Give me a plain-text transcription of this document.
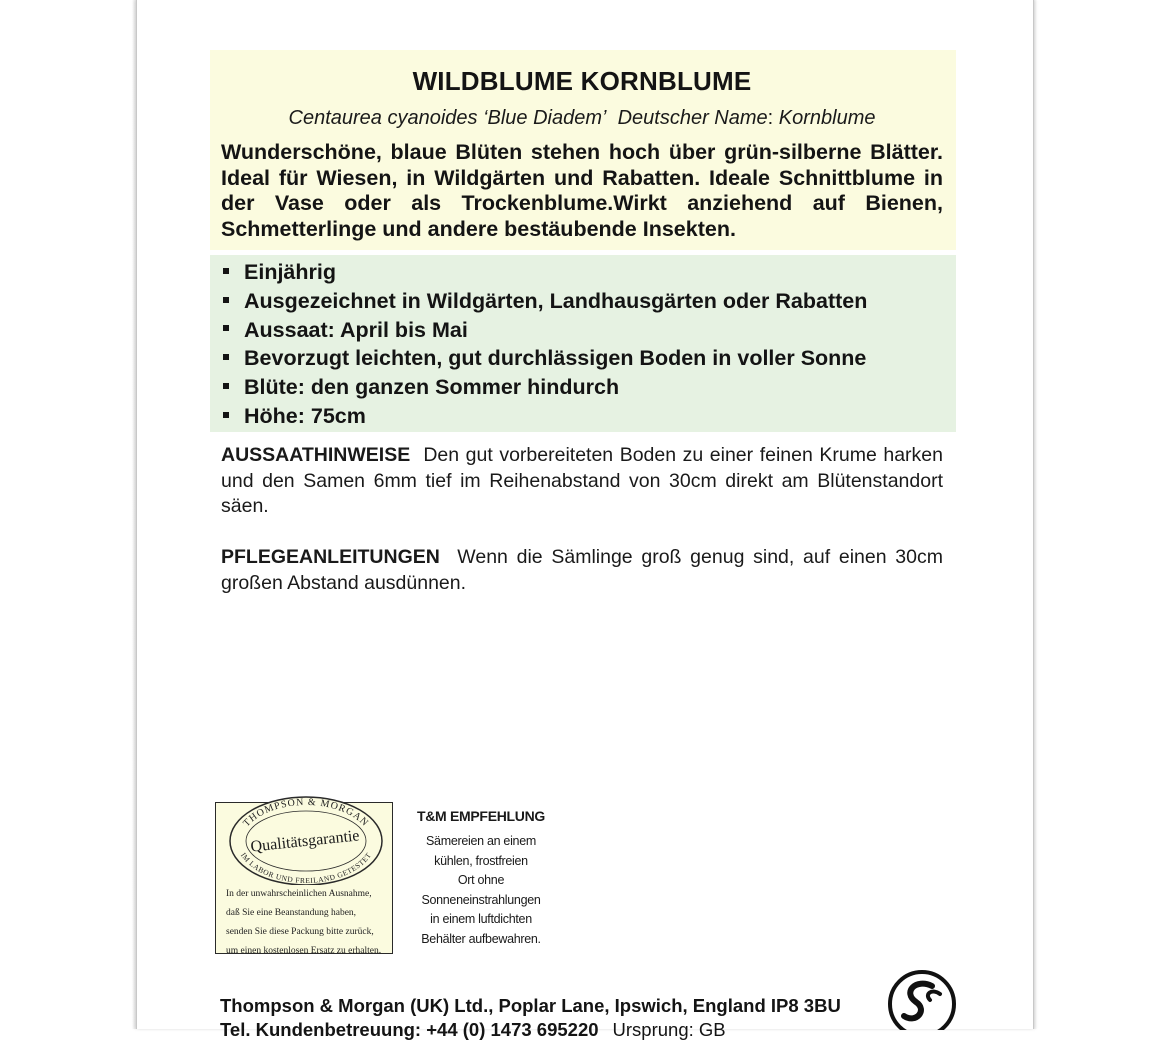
WILDBLUME KORNBLUME
Centaurea cyanoides ‘Blue Diadem’ Deutscher Name: Kornblume
Wunderschöne, blaue Blüten stehen hoch über grün-silberne Blätter. Ideal für Wiesen, in Wildgärten und Rabatten. Ideale Schnittblume in der Vase oder als Trockenblume.Wirkt anziehend auf Bienen, Schmetterlinge und andere bestäubende Insekten.
Einjährig
Ausgezeichnet in Wildgärten, Landhausgärten oder Rabatten
Aussaat: April bis Mai
Bevorzugt leichten, gut durchlässigen Boden in voller Sonne
Blüte: den ganzen Sommer hindurch
Höhe: 75cm
AUSSAATHINWEISE Den gut vorbereiteten Boden zu einer feinen Krume harken und den Samen 6mm tief im Reihenabstand von 30cm direkt am Blütenstandort säen.
PFLEGEANLEITUNGEN Wenn die Sämlinge groß genug sind, auf einen 30cm großen Abstand ausdünnen.
THOMPSON & MORGAN
IM LABOR UND FREILAND GETESTET
Qualitätsgarantie
In der unwahrscheinlichen Ausnahme,
daß Sie eine Beanstandung haben,
senden Sie diese Packung bitte zurück,
um einen kostenlosen Ersatz zu erhalten.
T&M EMPFEHLUNG
Sämereien an einem
kühlen, frostfreien
Ort ohne
Sonneneinstrahlungen
in einem luftdichten
Behälter aufbewahren.
Thompson & Morgan (UK) Ltd., Poplar Lane, Ipswich, England IP8 3BU
Tel. Kundenbetreuung: +44 (0) 1473 695220 Ursprung: GB
